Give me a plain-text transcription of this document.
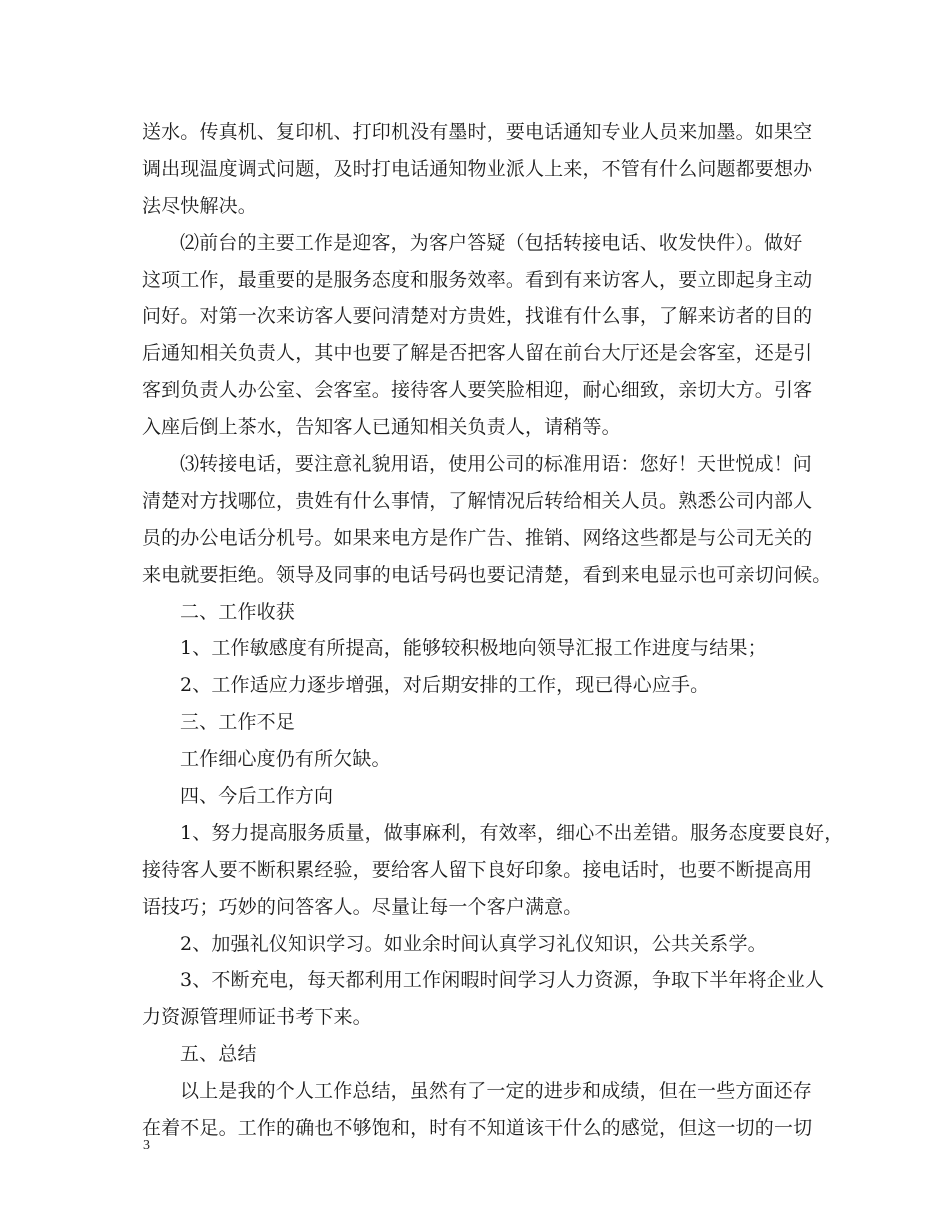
送水。传真机、复印机、打印机没有墨时，要电话通知专业人员来加墨。如果空
调出现温度调式问题，及时打电话通知物业派人上来，不管有什么问题都要想办
法尽快解决。
⑵前台的主要工作是迎客，为客户答疑（包括转接电话、收发快件）。做好
这项工作，最重要的是服务态度和服务效率。看到有来访客人，要立即起身主动
问好。对第一次来访客人要问清楚对方贵姓，找谁有什么事，了解来访者的目的
后通知相关负责人，其中也要了解是否把客人留在前台大厅还是会客室，还是引
客到负责人办公室、会客室。接待客人要笑脸相迎，耐心细致，亲切大方。引客
入座后倒上茶水，告知客人已通知相关负责人，请稍等。
⑶转接电话，要注意礼貌用语，使用公司的标准用语：您好！天世悦成！问
清楚对方找哪位，贵姓有什么事情，了解情况后转给相关人员。熟悉公司内部人
员的办公电话分机号。如果来电方是作广告、推销、网络这些都是与公司无关的
来电就要拒绝。领导及同事的电话号码也要记清楚，看到来电显示也可亲切问候。
二、工作收获
1、工作敏感度有所提高，能够较积极地向领导汇报工作进度与结果；
2、工作适应力逐步增强，对后期安排的工作，现已得心应手。
三、工作不足
工作细心度仍有所欠缺。
四、今后工作方向
1、努力提高服务质量，做事麻利，有效率，细心不出差错。服务态度要良好，
接待客人要不断积累经验，要给客人留下良好印象。接电话时，也要不断提高用
语技巧；巧妙的问答客人。尽量让每一个客户满意。
2、加强礼仪知识学习。如业余时间认真学习礼仪知识，公共关系学。
3、不断充电，每天都利用工作闲暇时间学习人力资源，争取下半年将企业人
力资源管理师证书考下来。
五、总结
以上是我的个人工作总结，虽然有了一定的进步和成绩，但在一些方面还存
在着不足。工作的确也不够饱和，时有不知道该干什么的感觉，但这一切的一切
3
